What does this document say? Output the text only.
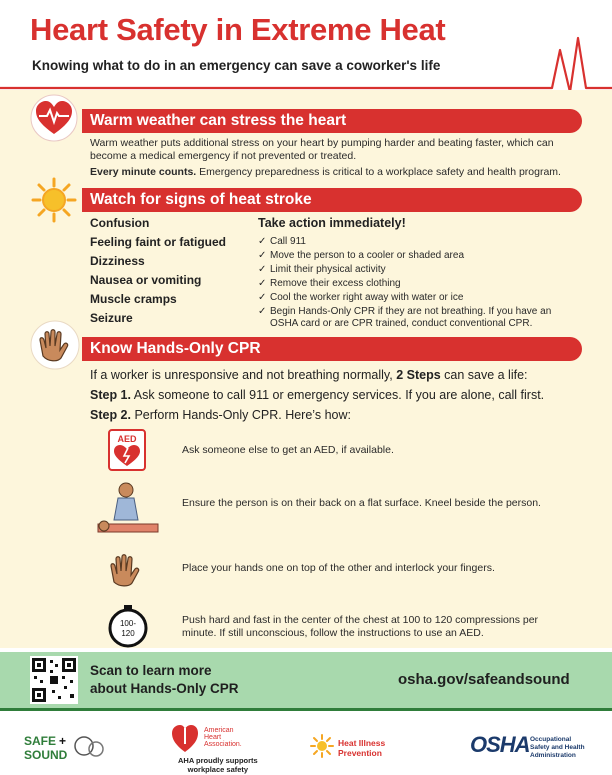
Heart Safety in Extreme Heat
Knowing what to do in an emergency can save a coworker's life
Warm weather can stress the heart
Warm weather puts additional stress on your heart by pumping harder and beating faster, which can become a medical emergency if not prevented or treated.
Every minute counts. Emergency preparedness is critical to a workplace safety and health program.
Watch for signs of heat stroke
Confusion
Feeling faint or fatigued
Dizziness
Nausea or vomiting
Muscle cramps
Seizure
Take action immediately!
✓ Call 911
✓ Move the person to a cooler or shaded area
✓ Limit their physical activity
✓ Remove their excess clothing
✓ Cool the worker right away with water or ice
✓ Begin Hands-Only CPR if they are not breathing. If you have an OSHA card or are CPR trained, conduct conventional CPR.
Know Hands-Only CPR
If a worker is unresponsive and not breathing normally, 2 Steps can save a life:
Step 1. Ask someone to call 911 or emergency services. If you are alone, call first.
Step 2. Perform Hands-Only CPR. Here’s how:
AED
Ask someone else to get an AED, if available.
Ensure the person is on their back on a flat surface. Kneel beside the person.
Place your hands one on top of the other and interlock your fingers.
100-
120
Push hard and fast in the center of the chest at 100 to 120 compressions per minute. If still unconscious, follow the instructions to use an AED.
Scan to learn more
about Hands-Only CPR
osha.gov/safeandsound
SAFE +
SOUND
American
Heart
Association.
AHA proudly supports
workplace safety
Heat Illness
Prevention	OSHA Occupational
Safety and Health
Administration
